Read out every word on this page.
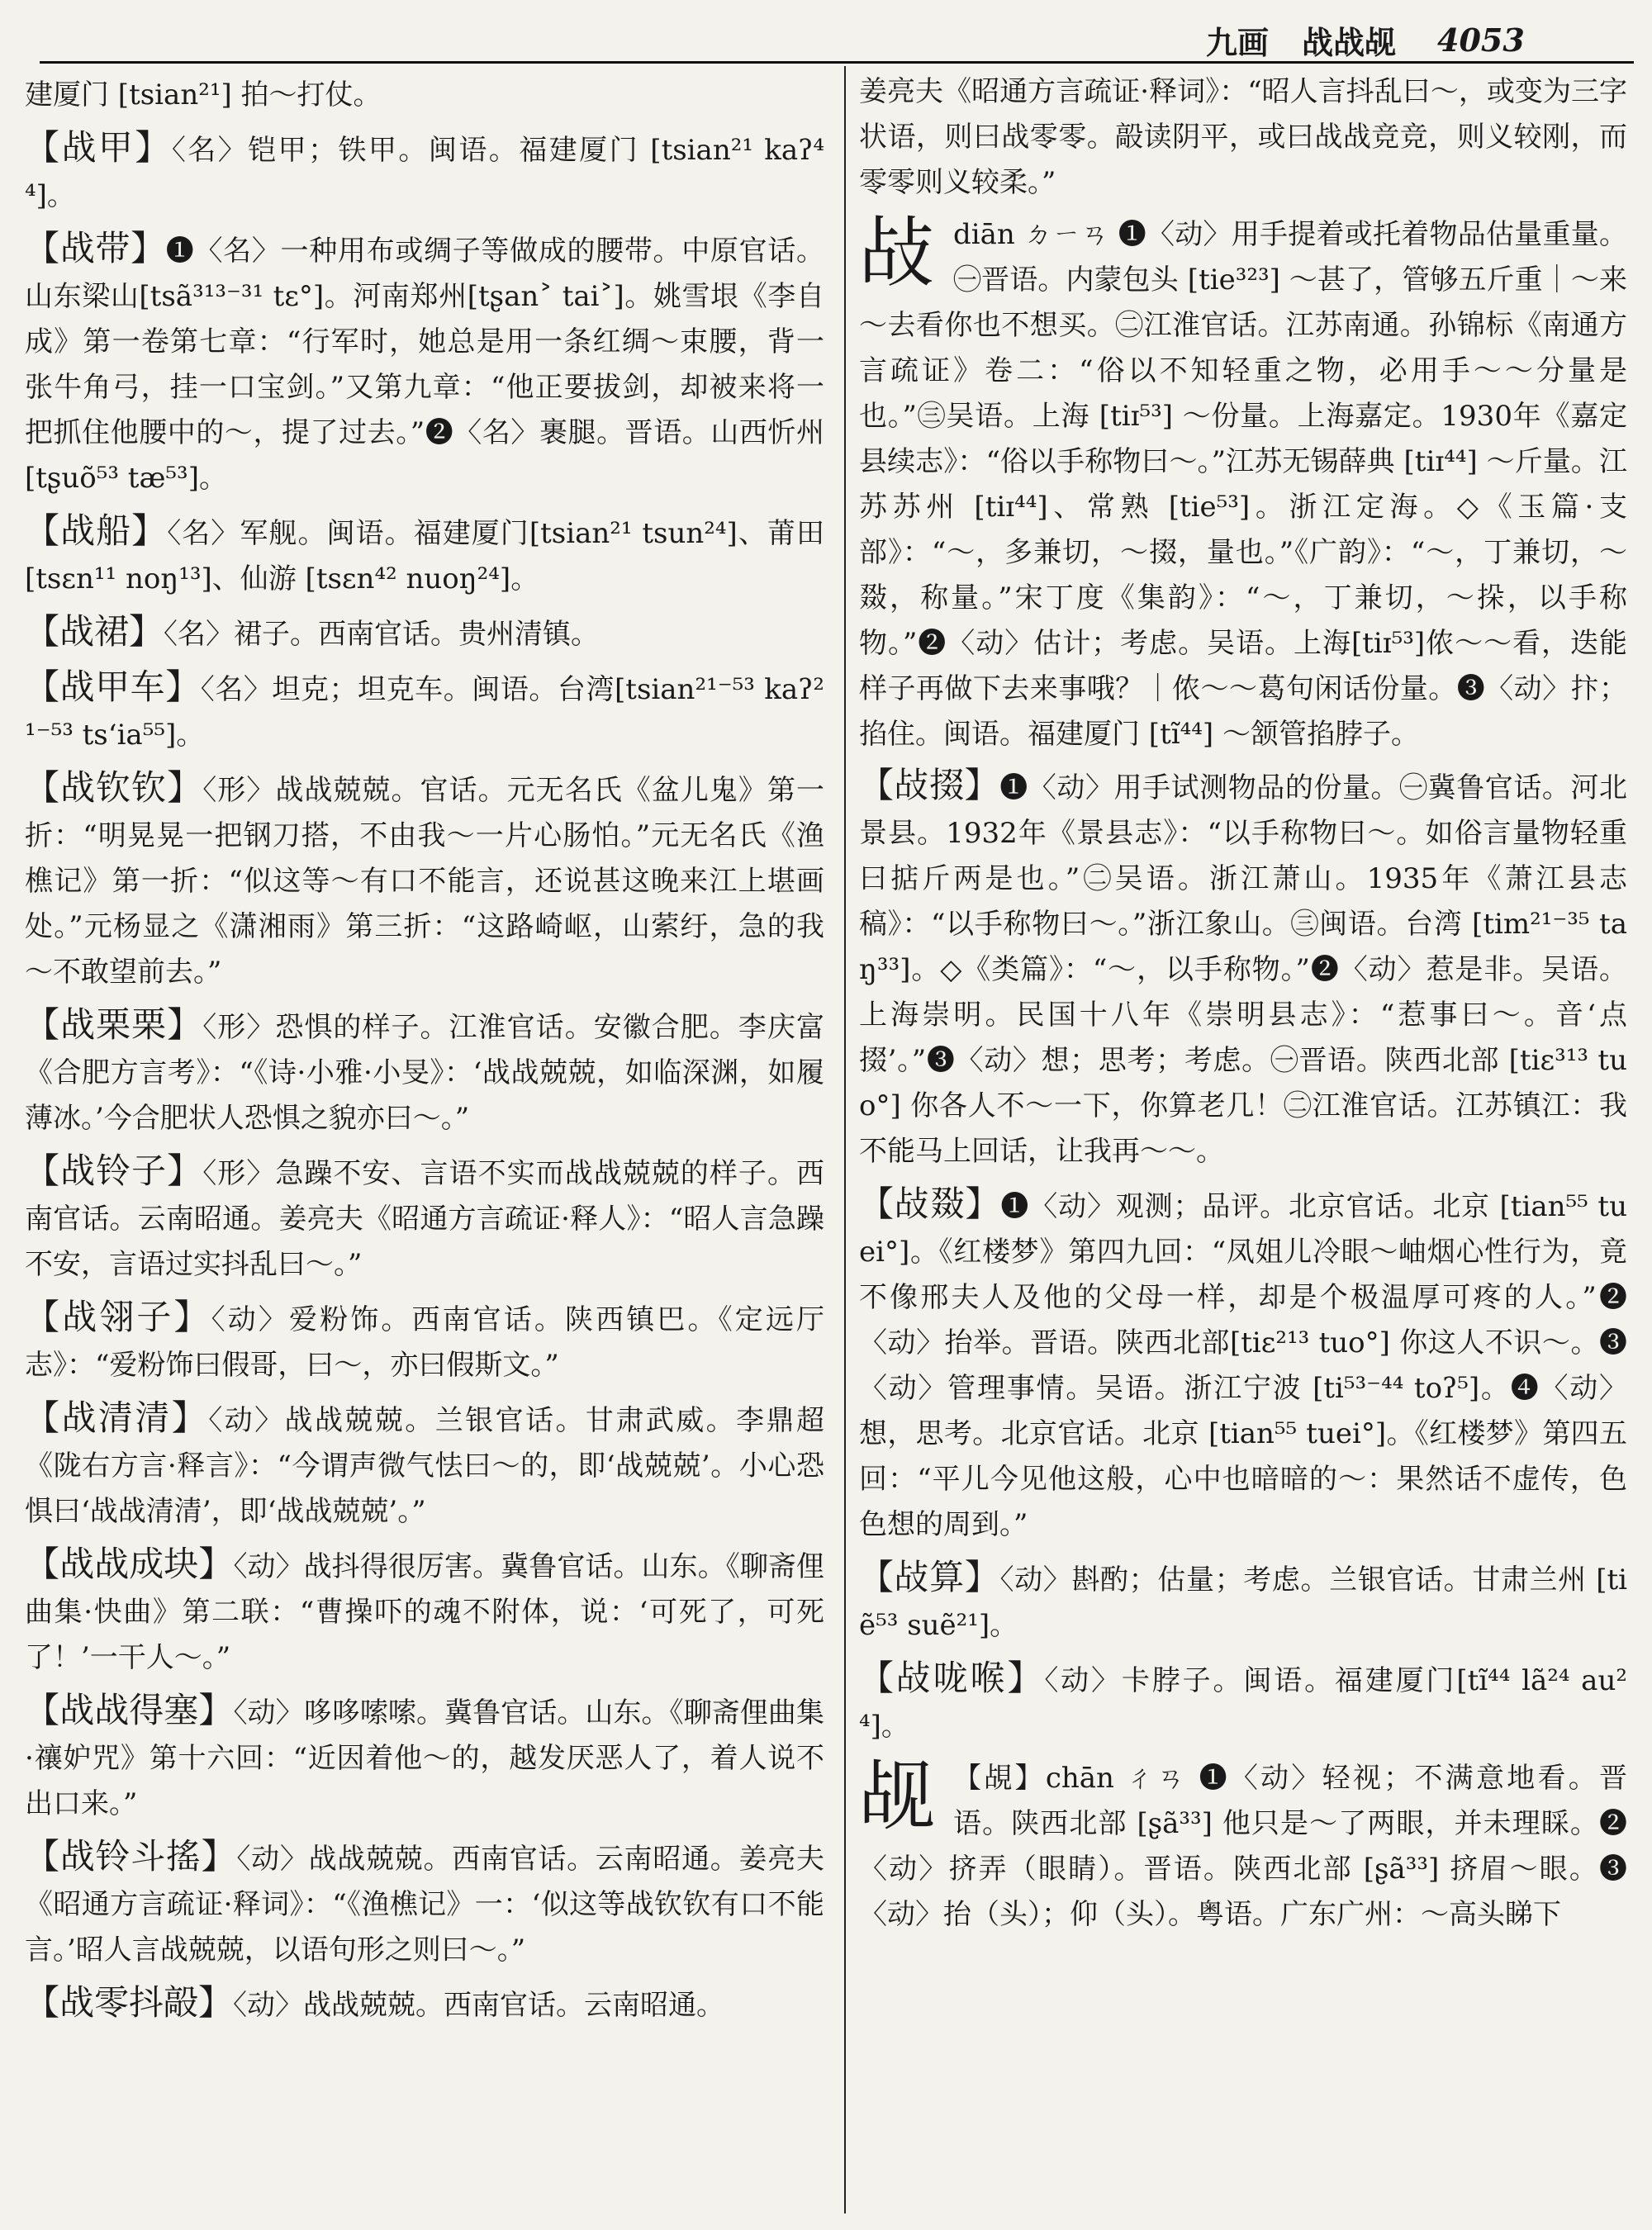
九画 战战觇 4053

建厦门 [tsian²¹] 拍～打仗。

【战甲】〈名〉铠甲；铁甲。闽语。福建厦门 [tsian²¹ kaʔ⁴⁴]。

【战带】❶〈名〉一种用布或绸子等做成的腰带。中原官话。山东梁山[tsã³¹³⁻³¹ tɛ°]。河南郑州[tʂan˃ tai˃]。姚雪垠《李自成》第一卷第七章：“行军时，她总是用一条红绸～束腰，背一张牛角弓，挂一口宝剑。”又第九章：“他正要拔剑，却被来将一把抓住他腰中的～，提了过去。”❷〈名〉裹腿。晋语。山西忻州 [tʂuõ⁵³ tæ⁵³]。

【战船】〈名〉军舰。闽语。福建厦门[tsian²¹ tsun²⁴]、莆田 [tsɛn¹¹ noŋ¹³]、仙游 [tsɛn⁴² nuoŋ²⁴]。

【战裙】〈名〉裙子。西南官话。贵州清镇。

【战甲车】〈名〉坦克；坦克车。闽语。台湾[tsian²¹⁻⁵³ kaʔ²¹⁻⁵³ tsʻia⁵⁵]。

【战钦钦】〈形〉战战兢兢。官话。元无名氏《盆儿鬼》第一折：“明晃晃一把钢刀搭，不由我～一片心肠怕。”元无名氏《渔樵记》第一折：“似这等～有口不能言，还说甚这晚来江上堪画处。”元杨显之《潇湘雨》第三折：“这路崎岖，山萦纡，急的我～不敢望前去。”

【战栗栗】〈形〉恐惧的样子。江淮官话。安徽合肥。李庆富《合肥方言考》：“《诗·小雅·小旻》：‘战战兢兢，如临深渊，如履薄冰。’今合肥状人恐惧之貌亦曰～。”

【战铃子】〈形〉急躁不安、言语不实而战战兢兢的样子。西南官话。云南昭通。姜亮夫《昭通方言疏证·释人》：“昭人言急躁不安，言语过实抖乱曰～。”

【战翎子】〈动〉爱粉饰。西南官话。陕西镇巴。《定远厅志》：“爱粉饰曰假哥，曰～，亦曰假斯文。”

【战清清】〈动〉战战兢兢。兰银官话。甘肃武威。李鼎超《陇右方言·释言》：“今谓声微气怯曰～的，即‘战兢兢’。小心恐惧曰‘战战清清’，即‘战战兢兢’。”

【战战成块】〈动〉战抖得很厉害。冀鲁官话。山东。《聊斋俚曲集·快曲》第二联：“曹操吓的魂不附体，说：‘可死了，可死了！’一干人～。”

【战战得塞】〈动〉哆哆嗦嗦。冀鲁官话。山东。《聊斋俚曲集·禳妒咒》第十六回：“近因着他～的，越发厌恶人了，着人说不出口来。”

【战铃斗搖】〈动〉战战兢兢。西南官话。云南昭通。姜亮夫《昭通方言疏证·释词》：“《渔樵记》一：‘似这等战钦钦有口不能言。’昭人言战兢兢，以语句形之则曰～。”

【战零抖毃】〈动〉战战兢兢。西南官话。云南昭通。

姜亮夫《昭通方言疏证·释词》：“昭人言抖乱曰～，或变为三字状语，则曰战零零。毃读阴平，或曰战战竞竞，则义较刚，而零零则义较柔。”

敁diān ㄉㄧㄢ ❶〈动〉用手提着或托着物品估量重量。㊀晋语。内蒙包头 [tie³²³] ～甚了，管够五斤重｜～来～去看你也不想买。㊁江淮官话。江苏南通。孙锦标《南通方言疏证》卷二：“俗以不知轻重之物，必用手～～分量是也。”㊂吴语。上海 [tiɪ⁵³] ～份量。上海嘉定。1930年《嘉定县续志》：“俗以手称物曰～。”江苏无锡薛典 [tiɪ⁴⁴] ～斤量。江苏苏州 [tiɪ⁴⁴]、常熟 [tie⁵³]。浙江定海。◇《玉篇·支部》：“～，多兼切，～掇，量也。”《广韵》：“～，丁兼切，～敠，称量。”宋丁度《集韵》：“～，丁兼切，～挆，以手称物。”❷〈动〉估计；考虑。吴语。上海[tiɪ⁵³]侬～～看，迭能样子再做下去来事哦？｜侬～～葛句闲话份量。❸〈动〉抃；掐住。闽语。福建厦门 [tĩ⁴⁴] ～颔管掐脖子。

【敁掇】❶〈动〉用手试测物品的份量。㊀冀鲁官话。河北景县。1932年《景县志》：“以手称物曰～。如俗言量物轻重曰掂斤两是也。”㊁吴语。浙江萧山。1935年《萧江县志稿》：“以手称物曰～。”浙江象山。㊂闽语。台湾 [tim²¹⁻³⁵ taŋ³³]。◇《类篇》：“～，以手称物。”❷〈动〉惹是非。吴语。上海崇明。民国十八年《崇明县志》：“惹事曰～。音‘点掇’。”❸〈动〉想；思考；考虑。㊀晋语。陕西北部 [tiɛ³¹³ tuo°] 你各人不～一下，你算老几！㊁江淮官话。江苏镇江：我不能马上回话，让我再～～。

【敁敠】❶〈动〉观测；品评。北京官话。北京 [tian⁵⁵ tuei°]。《红楼梦》第四九回：“凤姐儿冷眼～岫烟心性行为，竟不像邢夫人及他的父母一样，却是个极温厚可疼的人。”❷〈动〉抬举。晋语。陕西北部[tiɛ²¹³ tuo°] 你这人不识～。❸〈动〉管理事情。吴语。浙江宁波 [ti⁵³⁻⁴⁴ toʔ⁵]。❹〈动〉想，思考。北京官话。北京 [tian⁵⁵ tuei°]。《红楼梦》第四五回：“平儿今见他这般，心中也暗暗的～：果然话不虚传，色色想的周到。”

【敁算】〈动〉斟酌；估量；考虑。兰银官话。甘肃兰州 [tiẽ⁵³ suẽ²¹]。

【敁咙喉】〈动〉卡脖子。闽语。福建厦门[tĩ⁴⁴ lã²⁴ au²⁴]。

觇 【覘】chān ㄔㄢ ❶〈动〉轻视；不满意地看。晋语。陕西北部 [ʂã³³] 他只是～了两眼，并未理睬。❷〈动〉挤弄（眼睛）。晋语。陕西北部 [ʂã³³] 挤眉～眼。❸〈动〉抬（头）；仰（头）。粤语。广东广州：～高头睇下
